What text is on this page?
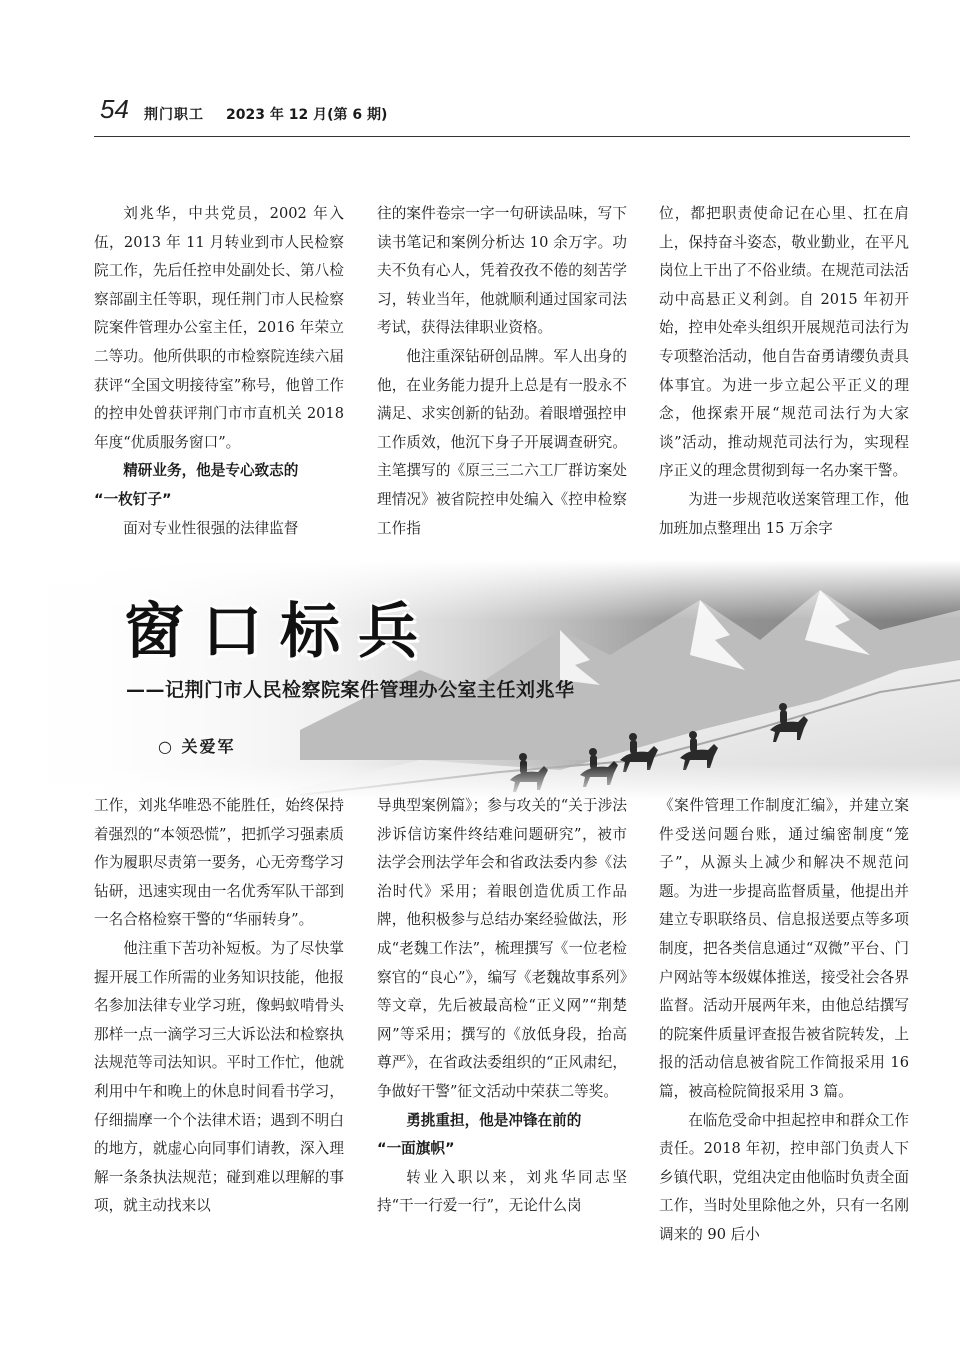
54 荆门职工 2023 年 12 月(第 6 期)

刘兆华，中共党员，2002 年入伍，2013 年 11 月转业到市人民检察院工作，先后任控申处副处长、第八检察部副主任等职，现任荆门市人民检察院案件管理办公室主任，2016 年荣立二等功。他所供职的市检察院连续六届获评“全国文明接待室”称号，他曾工作的控申处曾获评荆门市市直机关 2018 年度“优质服务窗口”。

精研业务，他是专心致志的
“一枚钉子”

面对专业性很强的法律监督

往的案件卷宗一字一句研读品味，写下读书笔记和案例分析达 10 余万字。功夫不负有心人，凭着孜孜不倦的刻苦学习，转业当年，他就顺利通过国家司法考试，获得法律职业资格。

他注重深钻研创品牌。军人出身的他，在业务能力提升上总是有一股永不满足、求实创新的钻劲。着眼增强控申工作质效，他沉下身子开展调查研究。主笔撰写的《原三三二六工厂群访案处理情况》被省院控申处编入《控申检察工作指

位，都把职责使命记在心里、扛在肩上，保持奋斗姿态，敬业勤业，在平凡岗位上干出了不俗业绩。在规范司法活动中高悬正义利剑。自 2015 年初开始，控申处牵头组织开展规范司法行为专项整治活动，他自告奋勇请缨负责具体事宜。为进一步立起公平正义的理念，他探索开展“规范司法行为大家谈”活动，推动规范司法行为，实现程序正义的理念贯彻到每一名办案干警。

为进一步规范收送案管理工作，他加班加点整理出 15 万余字

窗口标兵
——记荆门市人民检察院案件管理办公室主任刘兆华
○ 关爱军

工作，刘兆华唯恐不能胜任，始终保持着强烈的“本领恐慌”，把抓学习强素质作为履职尽责第一要务，心无旁骛学习钻研，迅速实现由一名优秀军队干部到一名合格检察干警的“华丽转身”。

他注重下苦功补短板。为了尽快掌握开展工作所需的业务知识技能，他报名参加法律专业学习班，像蚂蚁啃骨头那样一点一滴学习三大诉讼法和检察执法规范等司法知识。平时工作忙，他就利用中午和晚上的休息时间看书学习，仔细揣摩一个个法律术语；遇到不明白的地方，就虚心向同事们请教，深入理解一条条执法规范；碰到难以理解的事项，就主动找来以

导典型案例篇》；参与攻关的“关于涉法涉诉信访案件终结难问题研究”，被市法学会刑法学年会和省政法委内参《法治时代》采用；着眼创造优质工作品牌，他积极参与总结办案经验做法，形成“老魏工作法”，梳理撰写《一位老检察官的“良心”》，编写《老魏故事系列》等文章，先后被最高检“正义网”“荆楚网”等采用；撰写的《放低身段，抬高尊严》，在省政法委组织的“正风肃纪，争做好干警”征文活动中荣获二等奖。

勇挑重担，他是冲锋在前的
“一面旗帜”

转业入职以来，刘兆华同志坚持“干一行爱一行”，无论什么岗

《案件管理工作制度汇编》，并建立案件受送问题台账，通过编密制度“笼子”，从源头上减少和解决不规范问题。为进一步提高监督质量，他提出并建立专职联络员、信息报送要点等多项制度，把各类信息通过“双微”平台、门户网站等本级媒体推送，接受社会各界监督。活动开展两年来，由他总结撰写的院案件质量评查报告被省院转发，上报的活动信息被省院工作简报采用 16 篇，被高检院简报采用 3 篇。

在临危受命中担起控申和群众工作责任。2018 年初，控申部门负责人下乡镇代职，党组决定由他临时负责全面工作，当时处里除他之外，只有一名刚调来的 90 后小
